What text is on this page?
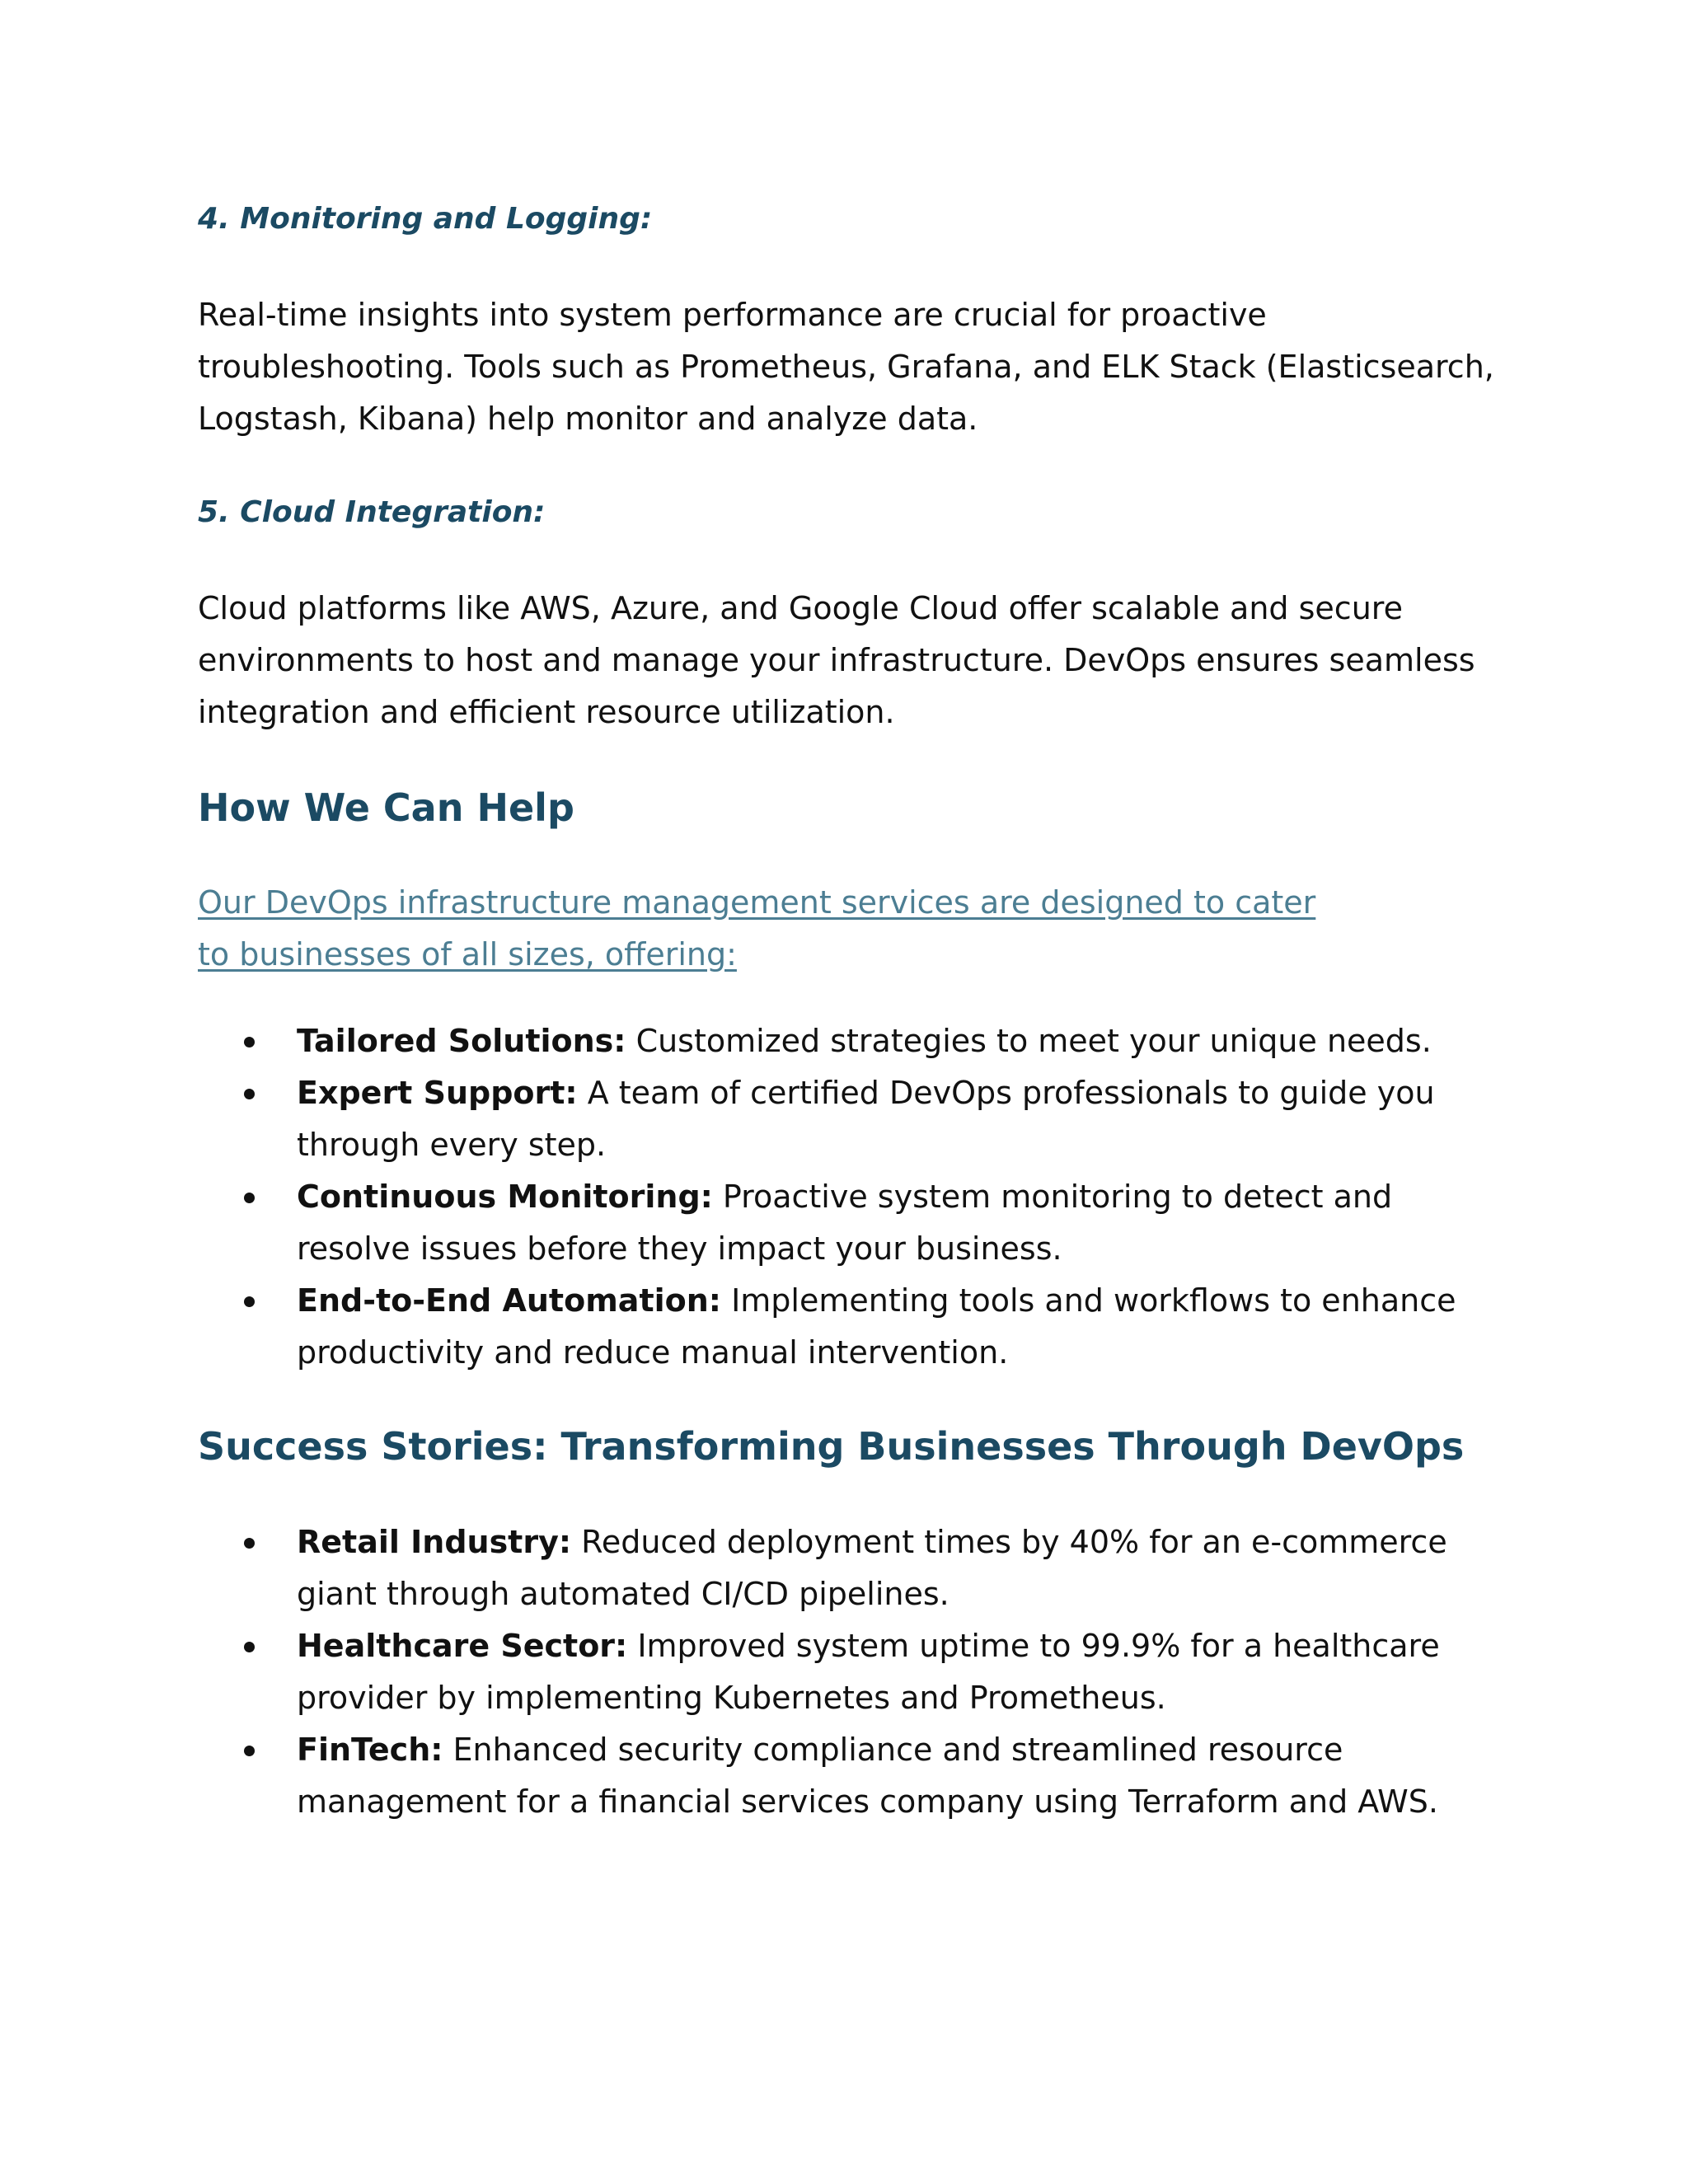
4. Monitoring and Logging:

Real-time insights into system performance are crucial for proactive troubleshooting. Tools such as Prometheus, Grafana, and ELK Stack (Elasticsearch, Logstash, Kibana) help monitor and analyze data.

5. Cloud Integration:

Cloud platforms like AWS, Azure, and Google Cloud offer scalable and secure environments to host and manage your infrastructure. DevOps ensures seamless integration and efficient resource utilization.

How We Can Help

Our DevOps infrastructure management services are designed to cater to businesses of all sizes, offering:

Tailored Solutions: Customized strategies to meet your unique needs.
Expert Support: A team of certified DevOps professionals to guide you through every step.
Continuous Monitoring: Proactive system monitoring to detect and resolve issues before they impact your business.
End-to-End Automation: Implementing tools and workflows to enhance productivity and reduce manual intervention.
Success Stories: Transforming Businesses Through DevOps
Retail Industry: Reduced deployment times by 40% for an e-commerce giant through automated CI/CD pipelines.
Healthcare Sector: Improved system uptime to 99.9% for a healthcare provider by implementing Kubernetes and Prometheus.
FinTech: Enhanced security compliance and streamlined resource management for a financial services company using Terraform and AWS.
